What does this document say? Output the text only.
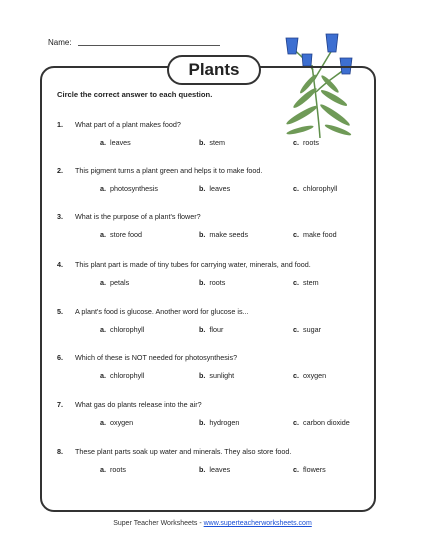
Name:
Plants
Circle the correct answer to each question.
1. What part of a plant makes food?
a. leaves	b. stem	c. roots
2. This pigment turns a plant green and helps it to make food.
a. photosynthesis	b. leaves	c. chlorophyll
3. What is the purpose of a plant's flower?
a. store food	b. make seeds	c. make food
4. This plant part is made of tiny tubes for carrying water, minerals, and food.
a. petals	b. roots	c. stem
5. A plant's food is glucose. Another word for glucose is...
a. chlorophyll	b. flour	c. sugar
6. Which of these is NOT needed for photosynthesis?
a. chlorophyll	b. sunlight	c. oxygen
7. What gas do plants release into the air?
a. oxygen	b. hydrogen	c. carbon dioxide
8. These plant parts soak up water and minerals. They also store food.
a. roots	b. leaves	c. flowers
Super Teacher Worksheets - www.superteacherworksheets.com
